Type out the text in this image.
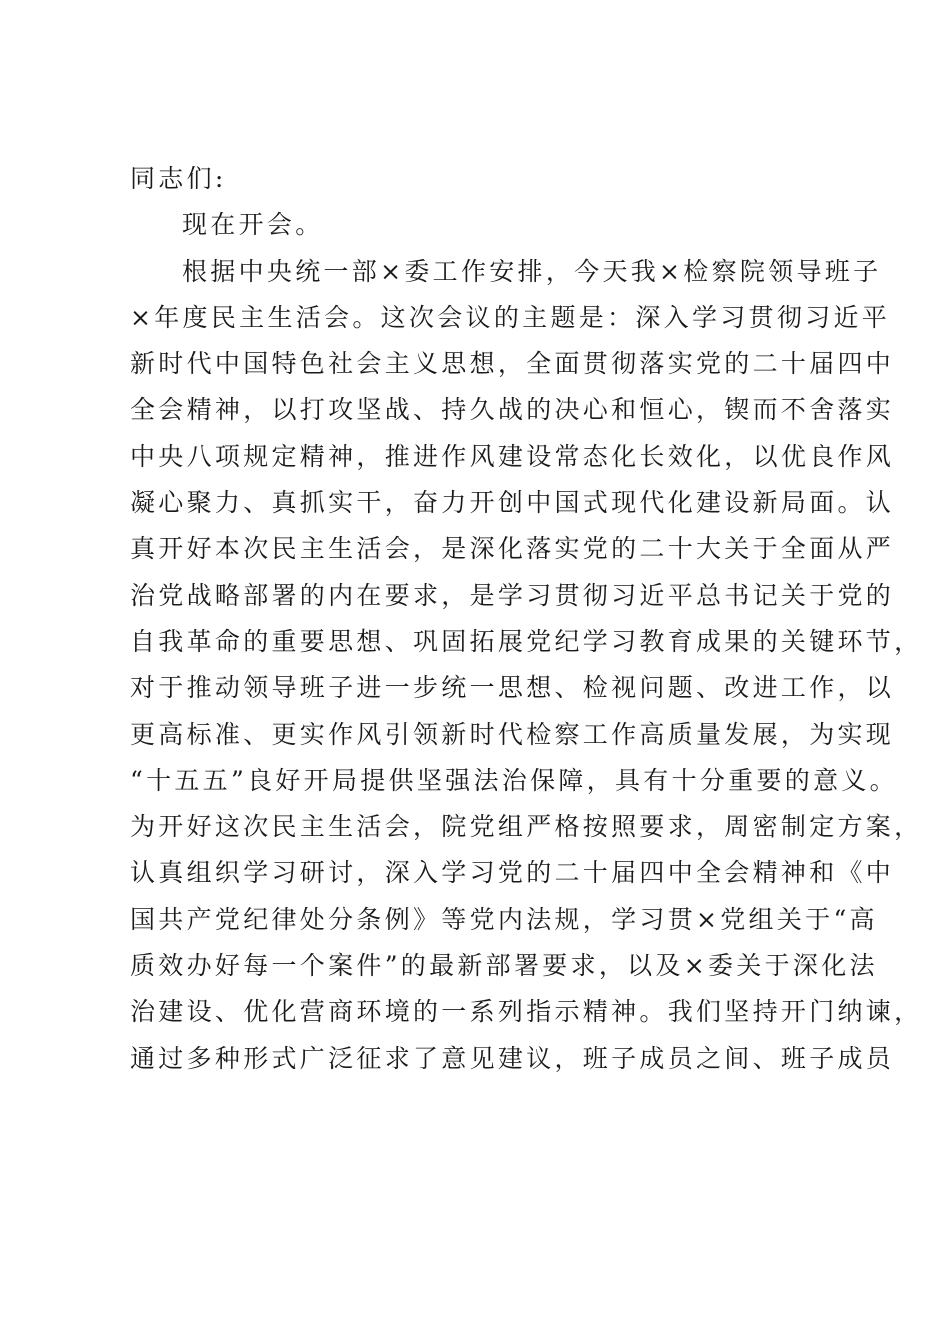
同志们:
现在开会。
根据中央统一部×委工作安排，今天我×检察院领导班子
×年度民主生活会。这次会议的主题是：深入学习贯彻习近平
新时代中国特色社会主义思想，全面贯彻落实党的二十届四中
全会精神，以打攻坚战、持久战的决心和恒心，锲而不舍落实
中央八项规定精神，推进作风建设常态化长效化，以优良作风
凝心聚力、真抓实干，奋力开创中国式现代化建设新局面。认
真开好本次民主生活会，是深化落实党的二十大关于全面从严
治党战略部署的内在要求，是学习贯彻习近平总书记关于党的
自我革命的重要思想、巩固拓展党纪学习教育成果的关键环节，
对于推动领导班子进一步统一思想、检视问题、改进工作，以
更高标准、更实作风引领新时代检察工作高质量发展，为实现
“十五五”良好开局提供坚强法治保障，具有十分重要的意义。
为开好这次民主生活会，院党组严格按照要求，周密制定方案，
认真组织学习研讨，深入学习党的二十届四中全会精神和《中
国共产党纪律处分条例》等党内法规，学习贯×党组关于“高
质效办好每一个案件”的最新部署要求，以及×委关于深化法
治建设、优化营商环境的一系列指示精神。我们坚持开门纳谏，
通过多种形式广泛征求了意见建议，班子成员之间、班子成员
